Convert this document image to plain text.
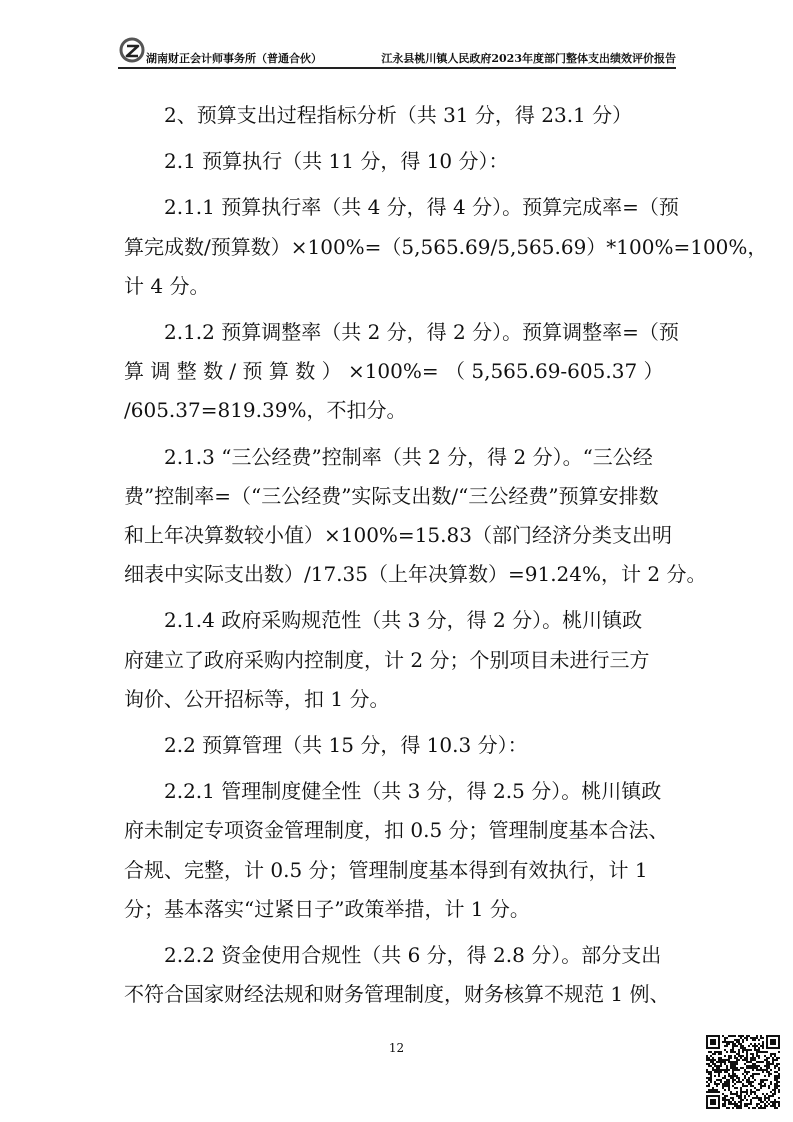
湖南财正会计师事务所（普通合伙）	江永县桃川镇人民政府2023年度部门整体支出绩效评价报告

2、预算支出过程指标分析（共 31 分，得 23.1 分）

2.1 预算执行（共 11 分，得 10 分）：

2.1.1 预算执行率（共 4 分，得 4 分）。预算完成率=（预
算完成数/预算数）×100%=（5,565.69/5,565.69）*100%=100%，
计 4 分。

2.1.2 预算调整率（共 2 分，得 2 分）。预算调整率=（预
算 调 整 数 / 预 算 数 ） ×100%= （ 5,565.69-605.37 ）
/605.37=819.39%，不扣分。

2.1.3 “三公经费”控制率（共 2 分，得 2 分）。“三公经
费”控制率=（“三公经费”实际支出数/“三公经费”预算安排数
和上年决算数较小值）×100%=15.83（部门经济分类支出明
细表中实际支出数）/17.35（上年决算数）=91.24%，计 2 分。

2.1.4 政府采购规范性（共 3 分，得 2 分）。桃川镇政
府建立了政府采购内控制度，计 2 分；个别项目未进行三方
询价、公开招标等，扣 1 分。

2.2 预算管理（共 15 分，得 10.3 分）：

2.2.1 管理制度健全性（共 3 分，得 2.5 分）。桃川镇政
府未制定专项资金管理制度，扣 0.5 分；管理制度基本合法、
合规、完整，计 0.5 分；管理制度基本得到有效执行，计 1
分；基本落实“过紧日子”政策举措，计 1 分。

2.2.2 资金使用合规性（共 6 分，得 2.8 分）。部分支出
不符合国家财经法规和财务管理制度，财务核算不规范 1 例、

12
